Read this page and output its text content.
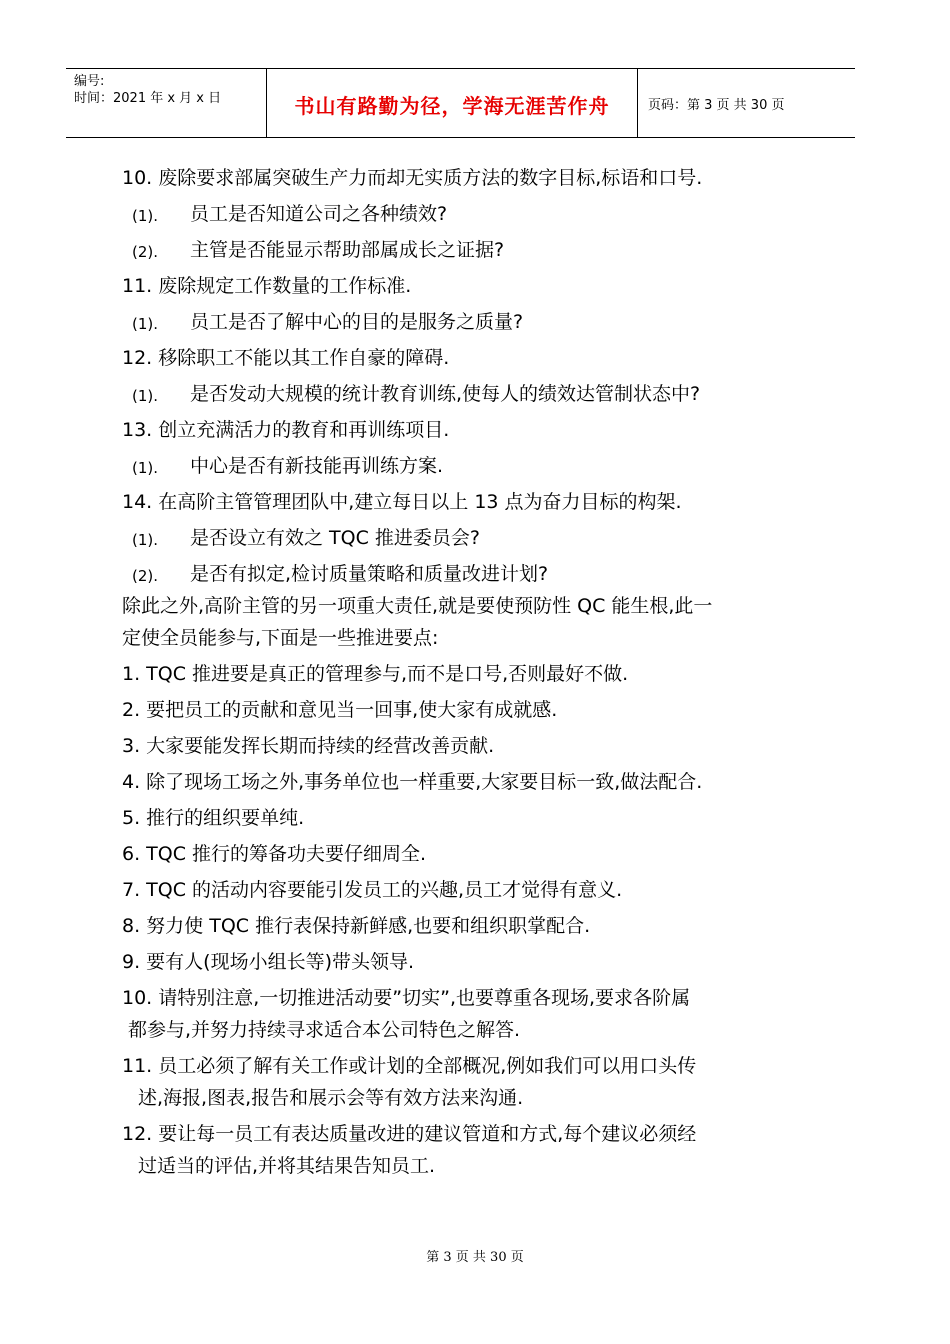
编号:
时间：2021 年 x 月 x 日	书山有路勤为径，学海无涯苦作舟	页码：第 3 页 共 30 页
10. 废除要求部属突破生产力而却无实质方法的数字目标,标语和口号.
(1). 员工是否知道公司之各种绩效?
(2). 主管是否能显示帮助部属成长之证据?
11. 废除规定工作数量的工作标准.
(1). 员工是否了解中心的目的是服务之质量?
12. 移除职工不能以其工作自豪的障碍.
(1). 是否发动大规模的统计教育训练,使每人的绩效达管制状态中?
13. 创立充满活力的教育和再训练项目.
(1). 中心是否有新技能再训练方案.
14. 在高阶主管管理团队中,建立每日以上 13 点为奋力目标的构架.
(1). 是否设立有效之 TQC 推进委员会?
(2). 是否有拟定,检讨质量策略和质量改进计划?
除此之外,高阶主管的另一项重大责任,就是要使预防性 QC 能生根,此一
定使全员能参与,下面是一些推进要点:
1. TQC 推进要是真正的管理参与,而不是口号,否则最好不做.
2. 要把员工的贡献和意见当一回事,使大家有成就感.
3. 大家要能发挥长期而持续的经营改善贡献.
4. 除了现场工场之外,事务单位也一样重要,大家要目标一致,做法配合.
5. 推行的组织要单纯.
6. TQC 推行的筹备功夫要仔细周全.
7. TQC 的活动内容要能引发员工的兴趣,员工才觉得有意义.
8. 努力使 TQC 推行表保持新鲜感,也要和组织职掌配合.
9. 要有人(现场小组长等)带头领导.
10. 请特别注意,一切推进活动要”切实”,也要尊重各现场,要求各阶属
都参与,并努力持续寻求适合本公司特色之解答.
11. 员工必须了解有关工作或计划的全部概况,例如我们可以用口头传
述,海报,图表,报告和展示会等有效方法来沟通.
12. 要让每一员工有表达质量改进的建议管道和方式,每个建议必须经
过适当的评估,并将其结果告知员工.
第 3 页 共 30 页
